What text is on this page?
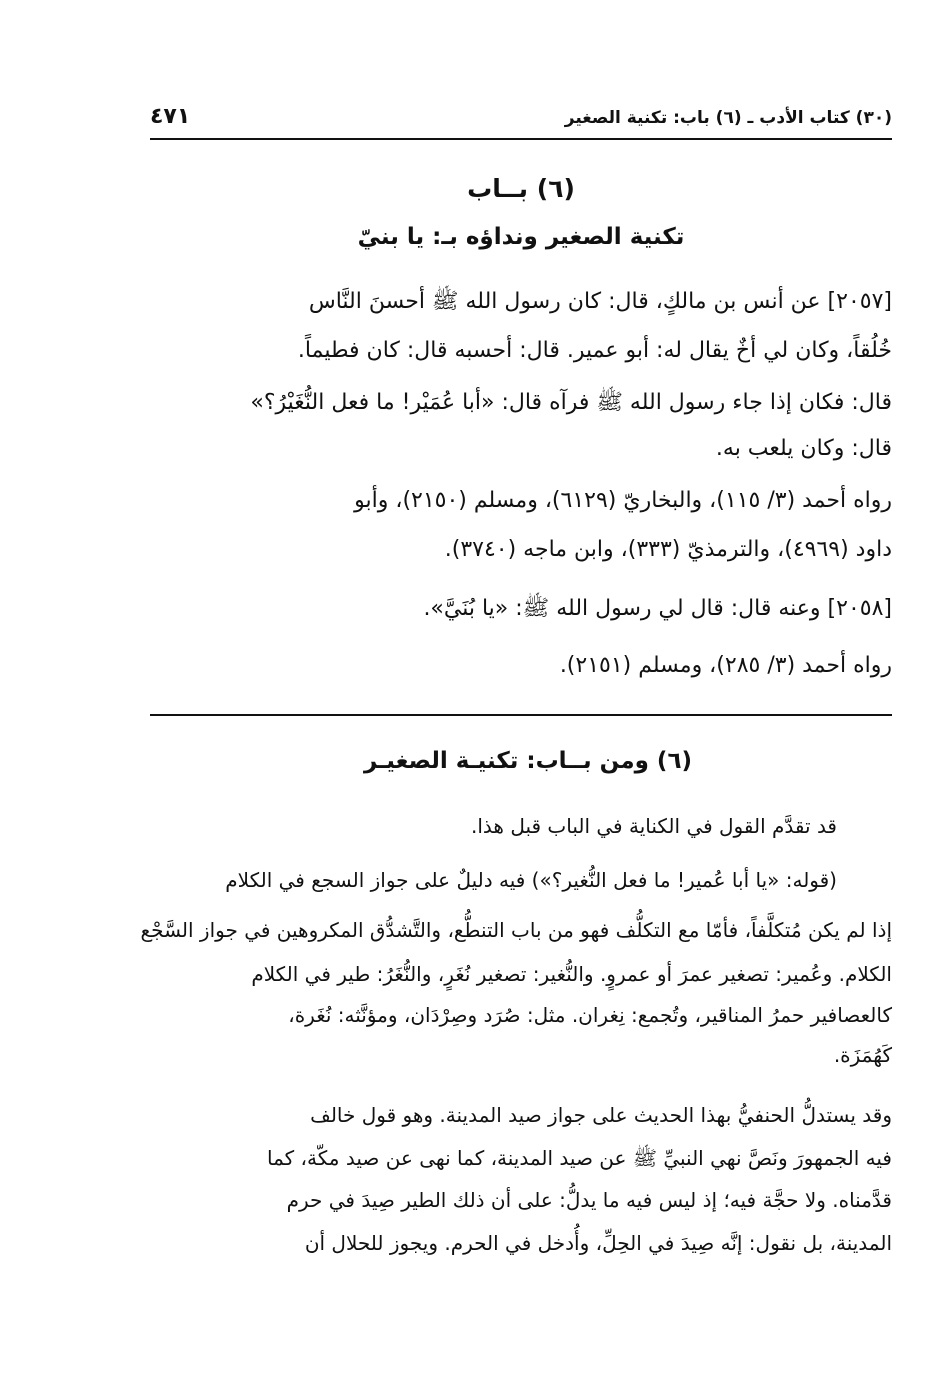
٤٧١	(٣٠) كتاب الأدب ـ (٦) باب: تكنية الصغير
(٦) بــاب
تكنية الصغير ونداؤه بـ: يا بنيّ
[٢٠٥٧] عن أنس بن مالكٍ، قال: كان رسول الله ﷺ أحسنَ النَّاس
خُلُقاً، وكان لي أخٌ يقال له: أبو عمير. قال: أحسبه قال: كان فطيماً.
قال: فكان إذا جاء رسول الله ﷺ فرآه قال: «أبا عُمَيْر! ما فعل النُّغَيْرُ؟»
قال: وكان يلعب به.
رواه أحمد (٣/ ١١٥)، والبخاريّ (٦١٢٩)، ومسلم (٢١٥٠)، وأبو
داود (٤٩٦٩)، والترمذيّ (٣٣٣)، وابن ماجه (٣٧٤٠).
[٢٠٥٨] وعنه قال: قال لي رسول الله ﷺ: «يا بُنَيَّ».
رواه أحمد (٣/ ٢٨٥)، ومسلم (٢١٥١).
(٦) ومن بــاب: تكنيـة الصغيـر
قد تقدَّم القول في الكناية في الباب قبل هذا.
(قوله: «يا أبا عُمير! ما فعل النُّغير؟») فيه دليلٌ على جواز السجع في الكلام
إذا لم يكن مُتكلَّفاً، فأمّا مع التكلُّف فهو من باب التنطُّع، والتَّشدُّق المكروهين في جواز السَّجْع
الكلام. وعُمير: تصغير عمرَ أو عمروٍ. والنُّغير: تصغير نُغَرٍ، والنُّغَرُ: طير في الكلام
كالعصافير حمرُ المناقير، وتُجمع: نِغران. مثل: صُرَد وصِرْدَان، ومؤنَّثه: نُغَرة،
كَهُمَزَة.
وقد يستدلُّ الحنفيُّ بهذا الحديث على جواز صيد المدينة. وهو قول خالف
فيه الجمهورَ ونَصَّ نهي النبيِّ ﷺ عن صيد المدينة، كما نهى عن صيد مكّة، كما
قدَّمناه. ولا حجَّة فيه؛ إذ ليس فيه ما يدلُّ: على أن ذلك الطير صِيدَ في حرم
المدينة، بل نقول: إنَّه صِيدَ في الحِلِّ، وأُدخل في الحرم. ويجوز للحلال أن
